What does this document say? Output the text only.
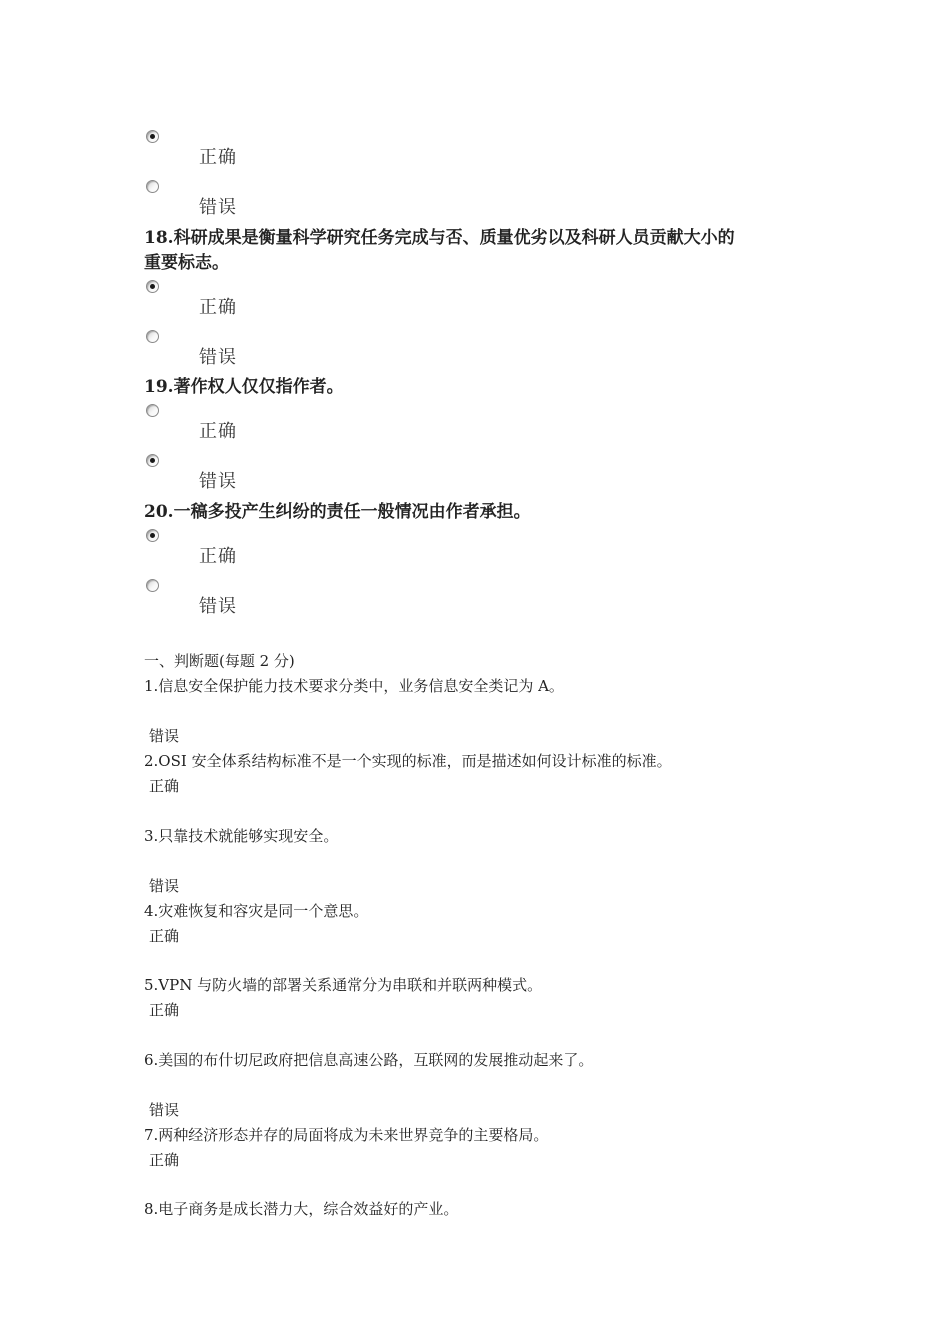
正确
错误
18.科研成果是衡量科学研究任务完成与否、质量优劣以及科研人员贡献大小的
重要标志。
正确
错误
19.著作权人仅仅指作者。
正确
错误
20.一稿多投产生纠纷的责任一般情况由作者承担。
正确
错误
一、判断题(每题 2 分)
1.信息安全保护能力技术要求分类中，业务信息安全类记为 A。
错误
2.OSI 安全体系结构标准不是一个实现的标准，而是描述如何设计标准的标准。
正确
3.只靠技术就能够实现安全。
错误
4.灾难恢复和容灾是同一个意思。
正确
5.VPN 与防火墙的部署关系通常分为串联和并联两种模式。
正确
6.美国的布什切尼政府把信息高速公路，互联网的发展推动起来了。
错误
7.两种经济形态并存的局面将成为未来世界竞争的主要格局。
正确
8.电子商务是成长潜力大，综合效益好的产业。
